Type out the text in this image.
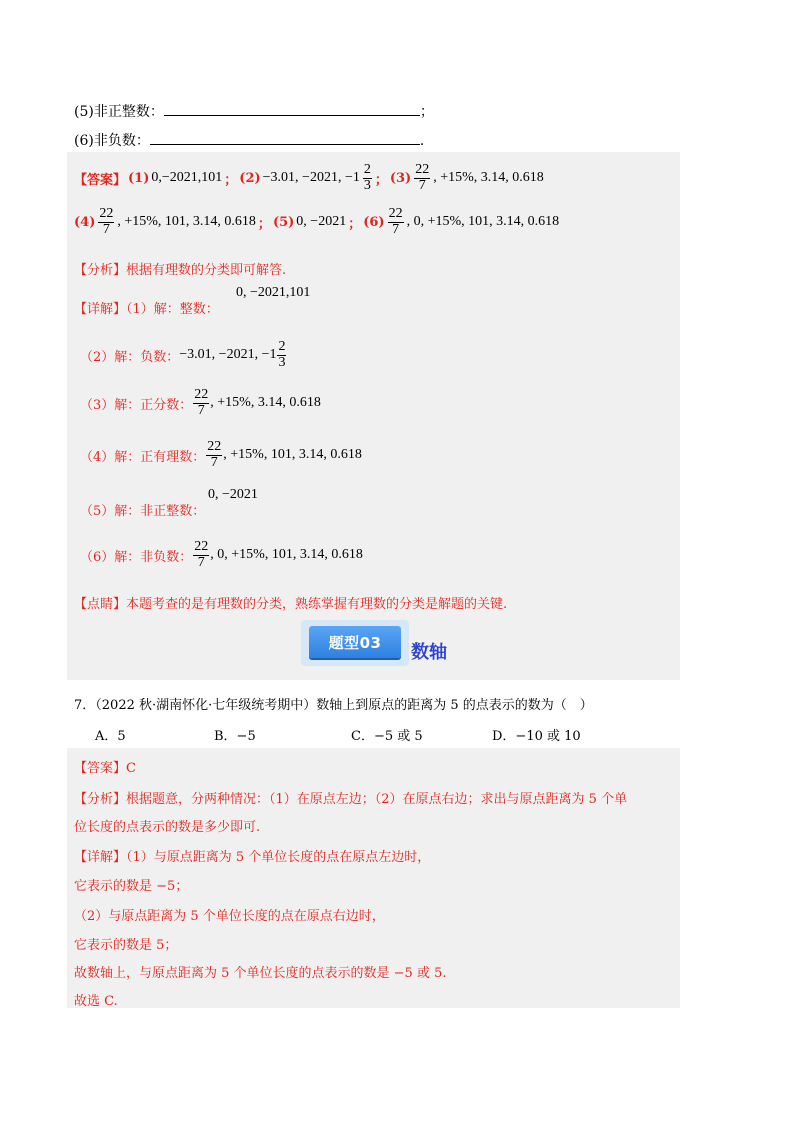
(5)非正整数：	；
(6)非负数：	.
【答案】 (1) 0,−2021,101 ； (2) −3.01, −2021, $-1 \frac{2}{3}$ ； $(3) \frac{22}{7}$ , +15%, 3.14, 0.618
$(4) \frac{22}{7}$ , +15%, 101, 3.14, 0.618 ； (5) 0, −2021 ； $(6) \frac{22}{7}$ , 0, +15%, 101, 3.14, 0.618
【分析】根据有理数的分类即可解答.
【详解】（1）解：整数：
0, −2021,101
（2）解：负数： −3.01, −2021, $-1 \frac{2}{3}$
（3）解：正分数： $\frac{22}{7}$ , +15%, 3.14, 0.618
（4）解：正有理数： $\frac{22}{7}$ , +15%, 101, 3.14, 0.618
（5）解：非正整数：
0, −2021
（6）解：非负数： $\frac{22}{7}$ , 0, +15%, 101, 3.14, 0.618
【点睛】本题考查的是有理数的分类，熟练掌握有理数的分类是解题的关键.
题型03	数轴
7．（2022 秋·湖南怀化·七年级统考期中）数轴上到原点的距离为 5 的点表示的数为（　）
A．5	B．−5	C．−5 或 5	D．−10 或 10
【答案】C
【分析】根据题意，分两种情况：（1）在原点左边；（2）在原点右边；求出与原点距离为 5 个单
位长度的点表示的数是多少即可.
【详解】（1）与原点距离为 5 个单位长度的点在原点左边时，
它表示的数是 −5；
（2）与原点距离为 5 个单位长度的点在原点右边时，
它表示的数是 5；
故数轴上，与原点距离为 5 个单位长度的点表示的数是 −5 或 5.
故选 C.
